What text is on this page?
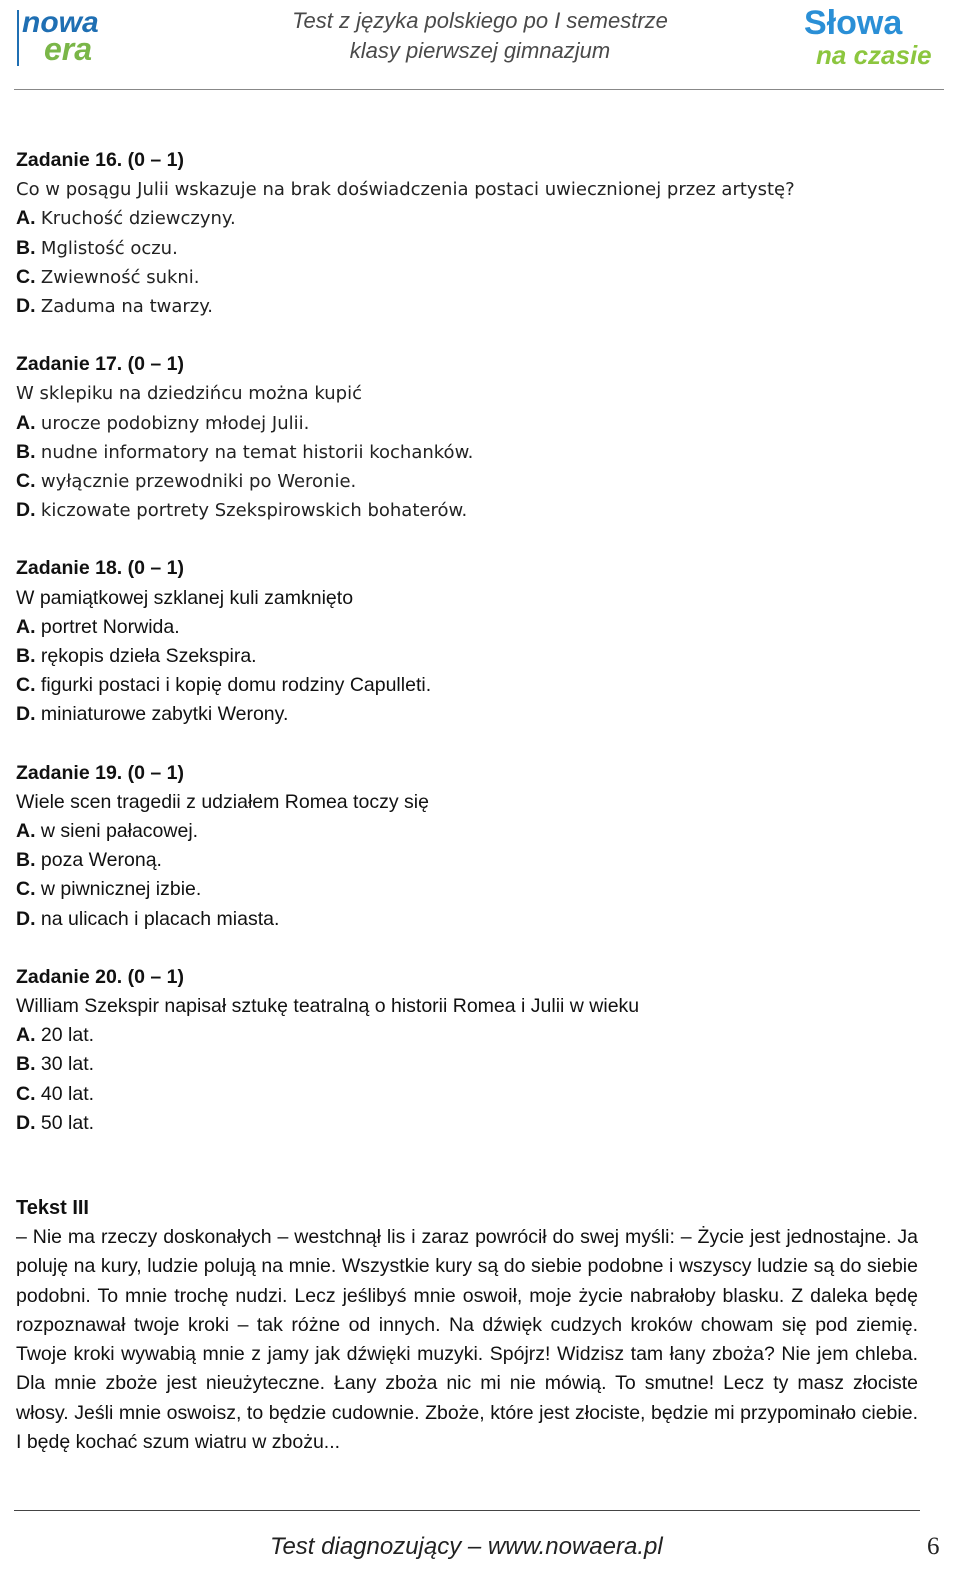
nowa
era
Test z języka polskiego po I semestrze
klasy pierwszej gimnazjum
Słowa
na czasie
Zadanie 16. (0 – 1)
Co w posągu Julii wskazuje na brak doświadczenia postaci uwiecznionej przez artystę?
A. Kruchość dziewczyny.
B. Mglistość oczu.
C. Zwiewność sukni.
D. Zaduma na twarzy.
Zadanie 17. (0 – 1)
W sklepiku na dziedzińcu można kupić
A. urocze podobizny młodej Julii.
B. nudne informatory na temat historii kochanków.
C. wyłącznie przewodniki po Weronie.
D. kiczowate portrety Szekspirowskich bohaterów.
Zadanie 18. (0 – 1)
W pamiątkowej szklanej kuli zamknięto
A. portret Norwida.
B. rękopis dzieła Szekspira.
C. figurki postaci i kopię domu rodziny Capulleti.
D. miniaturowe zabytki Werony.
Zadanie 19. (0 – 1)
Wiele scen tragedii z udziałem Romea toczy się
A. w sieni pałacowej.
B. poza Weroną.
C. w piwnicznej izbie.
D. na ulicach i placach miasta.
Zadanie 20. (0 – 1)
William Szekspir napisał sztukę teatralną o historii Romea i Julii w wieku
A. 20 lat.
B. 30 lat.
C. 40 lat.
D. 50 lat.
Tekst III
– Nie ma rzeczy doskonałych – westchnął lis i zaraz powrócił do swej myśli: – Życie jest jednostajne. Ja poluję na kury, ludzie polują na mnie. Wszystkie kury są do siebie podobne i wszyscy ludzie są do siebie podobni. To mnie trochę nudzi. Lecz jeślibyś mnie oswoił, moje życie nabrałoby blasku. Z daleka będę rozpoznawał twoje kroki – tak różne od innych. Na dźwięk cudzych kroków chowam się pod ziemię. Twoje kroki wywabią mnie z jamy jak dźwięki muzyki. Spójrz! Widzisz tam łany zboża? Nie jem chleba. Dla mnie zboże jest nieużyteczne. Łany zboża nic mi nie mówią. To smutne! Lecz ty masz złociste włosy. Jeśli mnie oswoisz, to będzie cudownie. Zboże, które jest złociste, będzie mi przypominało ciebie. I będę kochać szum wiatru w zbożu...
Test diagnozujący – www.nowaera.pl	6
